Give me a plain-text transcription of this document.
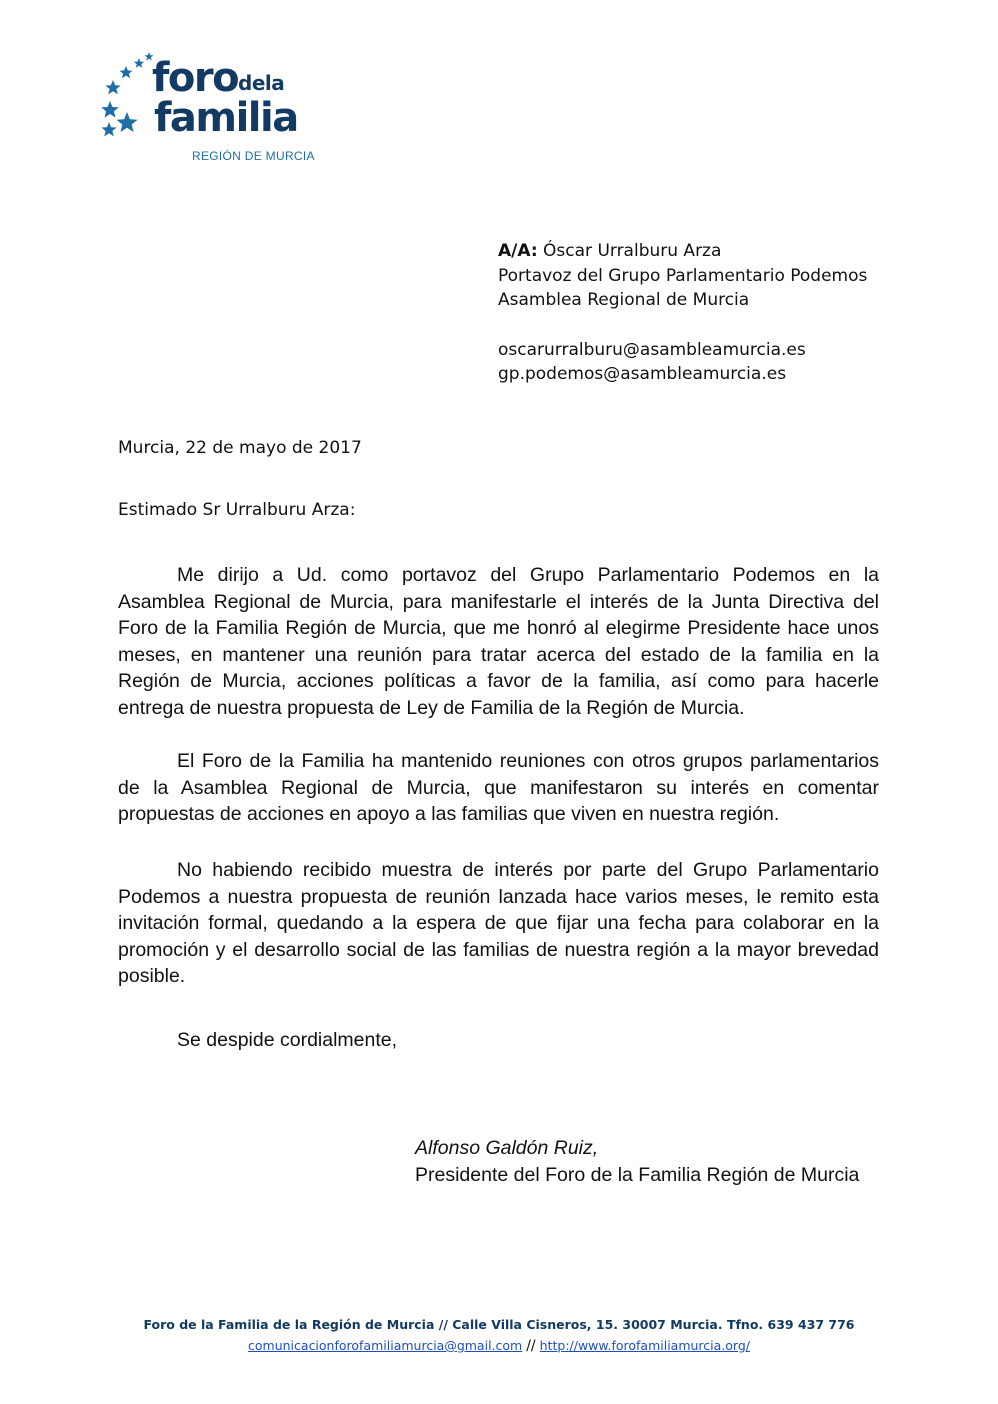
foro dela
familia
REGIÓN DE MURCIA
A/A: Óscar Urralburu Arza
Portavoz del Grupo Parlamentario Podemos
Asamblea Regional de Murcia
oscarurralburu@asambleamurcia.es
gp.podemos@asambleamurcia.es
Murcia, 22 de mayo de 2017
Estimado Sr Urralburu Arza:

Me dirijo a Ud. como portavoz del Grupo Parlamentario Podemos en la Asamblea Regional de Murcia, para manifestarle el interés de la Junta Directiva del Foro de la Familia Región de Murcia, que me honró al elegirme Presidente hace unos meses, en mantener una reunión para tratar acerca del estado de la familia en la Región de Murcia, acciones políticas a favor de la familia, así como para hacerle entrega de nuestra propuesta de Ley de Familia de la Región de Murcia.

El Foro de la Familia ha mantenido reuniones con otros grupos parlamentarios de la Asamblea Regional de Murcia, que manifestaron su interés en comentar propuestas de acciones en apoyo a las familias que viven en nuestra región.

No habiendo recibido muestra de interés por parte del Grupo Parlamentario Podemos a nuestra propuesta de reunión lanzada hace varios meses, le remito esta invitación formal, quedando a la espera de que fijar una fecha para colaborar en la promoción y el desarrollo social de las familias de nuestra región a la mayor brevedad posible.

Se despide cordialmente,
Alfonso Galdón Ruiz,
Presidente del Foro de la Familia Región de Murcia
Foro de la Familia de la Región de Murcia // Calle Villa Cisneros, 15. 30007 Murcia. Tfno. 639 437 776
comunicacionforofamiliamurcia@gmail.com // http://www.forofamiliamurcia.org/
